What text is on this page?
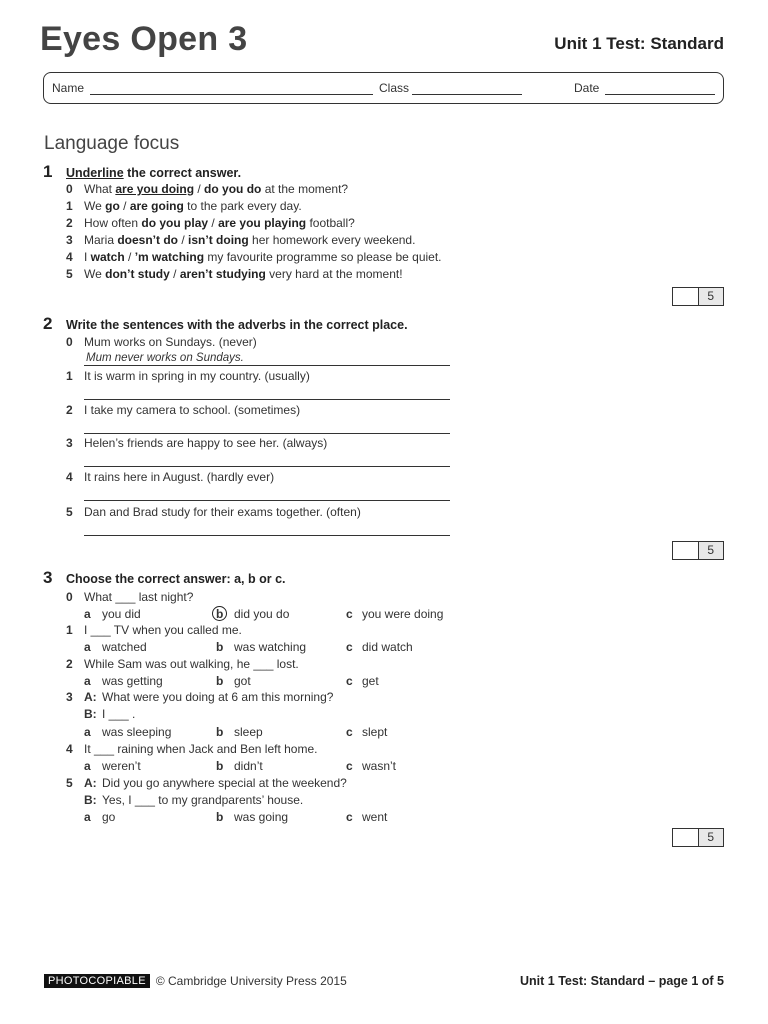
Eyes Open 3	Unit 1 Test: Standard
Name	Class	Date
Language focus
1 Underline the correct answer.
0 What are you doing / do you do at the moment?
1 We go / are going to the park every day.
2 How often do you play / are you playing football?
3 Maria doesn’t do / isn’t doing her homework every weekend.
4 I watch / ’m watching my favourite programme so please be quiet.
5 We don’t study / aren’t studying very hard at the moment!
5
2 Write the sentences with the adverbs in the correct place.
0 Mum works on Sundays. (never)
Mum never works on Sundays.
1 It is warm in spring in my country. (usually)
2 I take my camera to school. (sometimes)
3 Helen’s friends are happy to see her. (always)
4 It rains here in August. (hardly ever)
5 Dan and Brad study for their exams together. (often)
5
3 Choose the correct answer: a, b or c.
0 What ___ last night?
a you did	b did you do	c you were doing
1 I ___ TV when you called me.
a watched	b was watching	c did watch
2 While Sam was out walking, he ___ lost.
a was getting	b got	c get
3 A: What were you doing at 6 am this morning?
B: I ___ .
a was sleeping	b sleep	c slept
4 It ___ raining when Jack and Ben left home.
a weren’t	b didn’t	c wasn’t
5 A: Did you go anywhere special at the weekend?
B: Yes, I ___ to my grandparents’ house.
a go	b was going	c went
5
PHOTOCOPIABLE © Cambridge University Press 2015	Unit 1 Test: Standard – page 1 of 5
